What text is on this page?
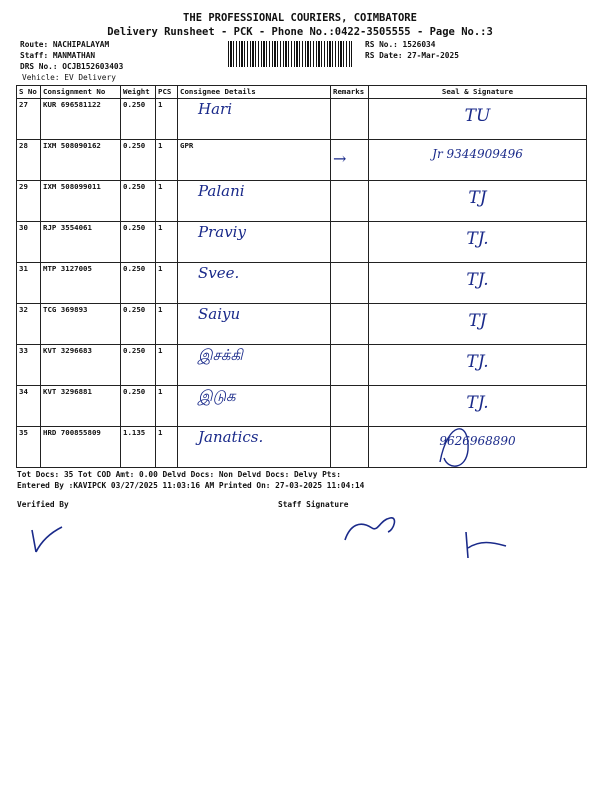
THE PROFESSIONAL COURIERS, COIMBATORE
Delivery Runsheet - PCK - Phone No.:0422-3505555 - Page No.:3
Route: NACHIPALAYAM
Staff: MANMATHAN
DRS No.: OCJB152603403
Vehicle: EV Delivery
RS No.: 1526034
RS Date: 27-Mar-2025
S No	Consignment No	Weight	PCS	Consignee Details	Remarks	Seal & Signature
27	KUR 696581122	0.250	1	Hari		TU

28	IXM 508090162	0.250	1	GPR	→	Jr 9344909496

29	IXM 508099011	0.250	1	Palani		TJ

30	RJP 3554061	0.250	1	Praviy		TJ.

31	MTP 3127005	0.250	1	Svee.		TJ.

32	TCG 369893	0.250	1	Saiyu		TJ

33	KVT 3296683	0.250	1	இசக்கி		TJ.

34	KVT 3296881	0.250	1	இடுக		TJ.

35	HRD 700855809	1.135	1	Janatics.		9626968890
Tot Docs: 35 Tot COD Amt: 0.00 Delvd Docs: Non Delvd Docs: Delvy Pts:
Entered By :KAVIPCK 03/27/2025 11:03:16 AM Printed On: 27-03-2025 11:04:14
Verified By	Staff Signature
